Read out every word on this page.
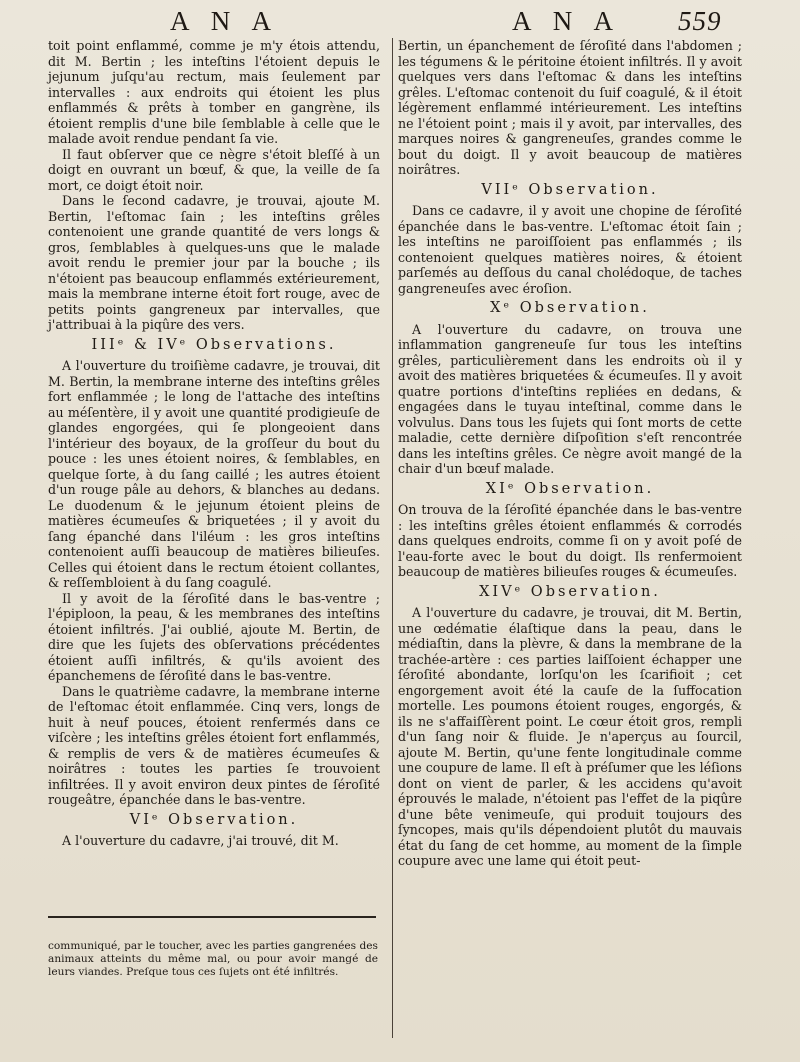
A N A	A N A 559

toit point enflammé, comme je m'y étois attendu, dit M. Bertin ; les inteſtins l'étoient depuis le jejunum juſqu'au rectum, mais ſeulement par intervalles : aux endroits qui étoient les plus enflammés & prêts à tomber en gangrène, ils étoient remplis d'une bile ſemblable à celle que le malade avoit rendue pendant ſa vie.

Il faut obſerver que ce nègre s'étoit bleſſé à un doigt en ouvrant un bœuf, & que, la veille de ſa mort, ce doigt étoit noir.

Dans le ſecond cadavre, je trouvai, ajoute M. Bertin, l'eſtomac ſain ; les inteſtins grêles contenoient une grande quantité de vers longs & gros, ſemblables à quelques-uns que le malade avoit rendu le premier jour par la bouche ; ils n'étoient pas beaucoup enflammés extérieurement, mais la membrane interne étoit fort rouge, avec de petits points gangreneux par intervalles, que j'attribuai à la piqûre des vers.

IIIᵉ & IVᵉ Observations.

A l'ouverture du troiſième cadavre, je trouvai, dit M. Bertin, la membrane interne des inteſtins grêles fort enflammée ; le long de l'attache des inteſtins au méſentère, il y avoit une quantité prodigieuſe de glandes engorgées, qui ſe plongeoient dans l'intérieur des boyaux, de la groſſeur du bout du pouce : les unes étoient noires, & ſemblables, en quelque ſorte, à du ſang caillé ; les autres étoient d'un rouge pâle au dehors, & blanches au dedans. Le duodenum & le jejunum étoient pleins de matières écumeuſes & briquetées ; il y avoit du ſang épanché dans l'iléum : les gros inteſtins contenoient auſſi beaucoup de matières bilieuſes. Celles qui étoient dans le rectum étoient collantes, & reſſembloient à du ſang coagulé.

Il y avoit de la ſéroſité dans le bas-ventre ; l'épiploon, la peau, & les membranes des inteſtins étoient infiltrés. J'ai oublié, ajoute M. Bertin, de dire que les ſujets des obſervations précédentes étoient auſſi infiltrés, & qu'ils avoient des épanchemens de ſéroſité dans le bas-ventre.

Dans le quatrième cadavre, la membrane interne de l'eſtomac étoit enflammée. Cinq vers, longs de huit à neuf pouces, étoient renfermés dans ce viſcère ; les inteſtins grêles étoient fort enflammés, & remplis de vers & de matières écumeuſes & noirâtres : toutes les parties ſe trouvoient infiltrées. Il y avoit environ deux pintes de ſéroſité rougeâtre, épanchée dans le bas-ventre.

VIᵉ Observation.

A l'ouverture du cadavre, j'ai trouvé, dit M.

communiqué, par le toucher, avec les parties gangrenées des animaux atteints du même mal, ou pour avoir mangé de leurs viandes. Preſque tous ces ſujets ont été infiltrés.

Bertin, un épanchement de ſéroſité dans l'abdomen ; les tégumens & le péritoine étoient infiltrés. Il y avoit quelques vers dans l'eſtomac & dans les inteſtins grêles. L'eſtomac contenoit du ſuif coagulé, & il étoit légèrement enflammé intérieurement. Les inteſtins ne l'étoient point ; mais il y avoit, par intervalles, des marques noires & gangreneuſes, grandes comme le bout du doigt. Il y avoit beaucoup de matières noirâtres.

VIIᵉ Observation.

Dans ce cadavre, il y avoit une chopine de ſéroſité épanchée dans le bas-ventre. L'eſtomac étoit ſain ; les inteſtins ne paroiſſoient pas enflammés ; ils contenoient quelques matières noires, & étoient parſemés au deſſous du canal cholédoque, de taches gangreneuſes avec éroſion.

Xᵉ Observation.

A l'ouverture du cadavre, on trouva une inflammation gangreneuſe ſur tous les inteſtins grêles, particulièrement dans les endroits où il y avoit des matières briquetées & écumeuſes. Il y avoit quatre portions d'inteſtins repliées en dedans, & engagées dans le tuyau inteſtinal, comme dans le volvulus. Dans tous les ſujets qui ſont morts de cette maladie, cette dernière diſpoſition s'eſt rencontrée dans les inteſtins grêles. Ce nègre avoit mangé de la chair d'un bœuf malade.

XIᵉ Observation.

On trouva de la ſéroſité épanchée dans le bas-ventre : les inteſtins grêles étoient enflammés & corrodés dans quelques endroits, comme ſi on y avoit poſé de l'eau-forte avec le bout du doigt. Ils renfermoient beaucoup de matières bilieuſes rouges & écumeuſes.

XIVᵉ Observation.

A l'ouverture du cadavre, je trouvai, dit M. Bertin, une œdématie élaſtique dans la peau, dans le médiaſtin, dans la plèvre, & dans la membrane de la trachée-artère : ces parties laiſſoient échapper une ſéroſité abondante, lorſqu'on les ſcarifioit ; cet engorgement avoit été la cauſe de la ſuffocation mortelle. Les poumons étoient rouges, engorgés, & ils ne s'affaiſſèrent point. Le cœur étoit gros, rempli d'un ſang noir & fluide. Je n'aperçus au ſourcil, ajoute M. Bertin, qu'une fente longitudinale comme une coupure de lame. Il eſt à préſumer que les léſions dont on vient de parler, & les accidens qu'avoit éprouvés le malade, n'étoient pas l'effet de la piqûre d'une bête venimeuſe, qui produit toujours des ſyncopes, mais qu'ils dépendoient plutôt du mauvais état du ſang de cet homme, au moment de la ſimple coupure avec une lame qui étoit peut-
